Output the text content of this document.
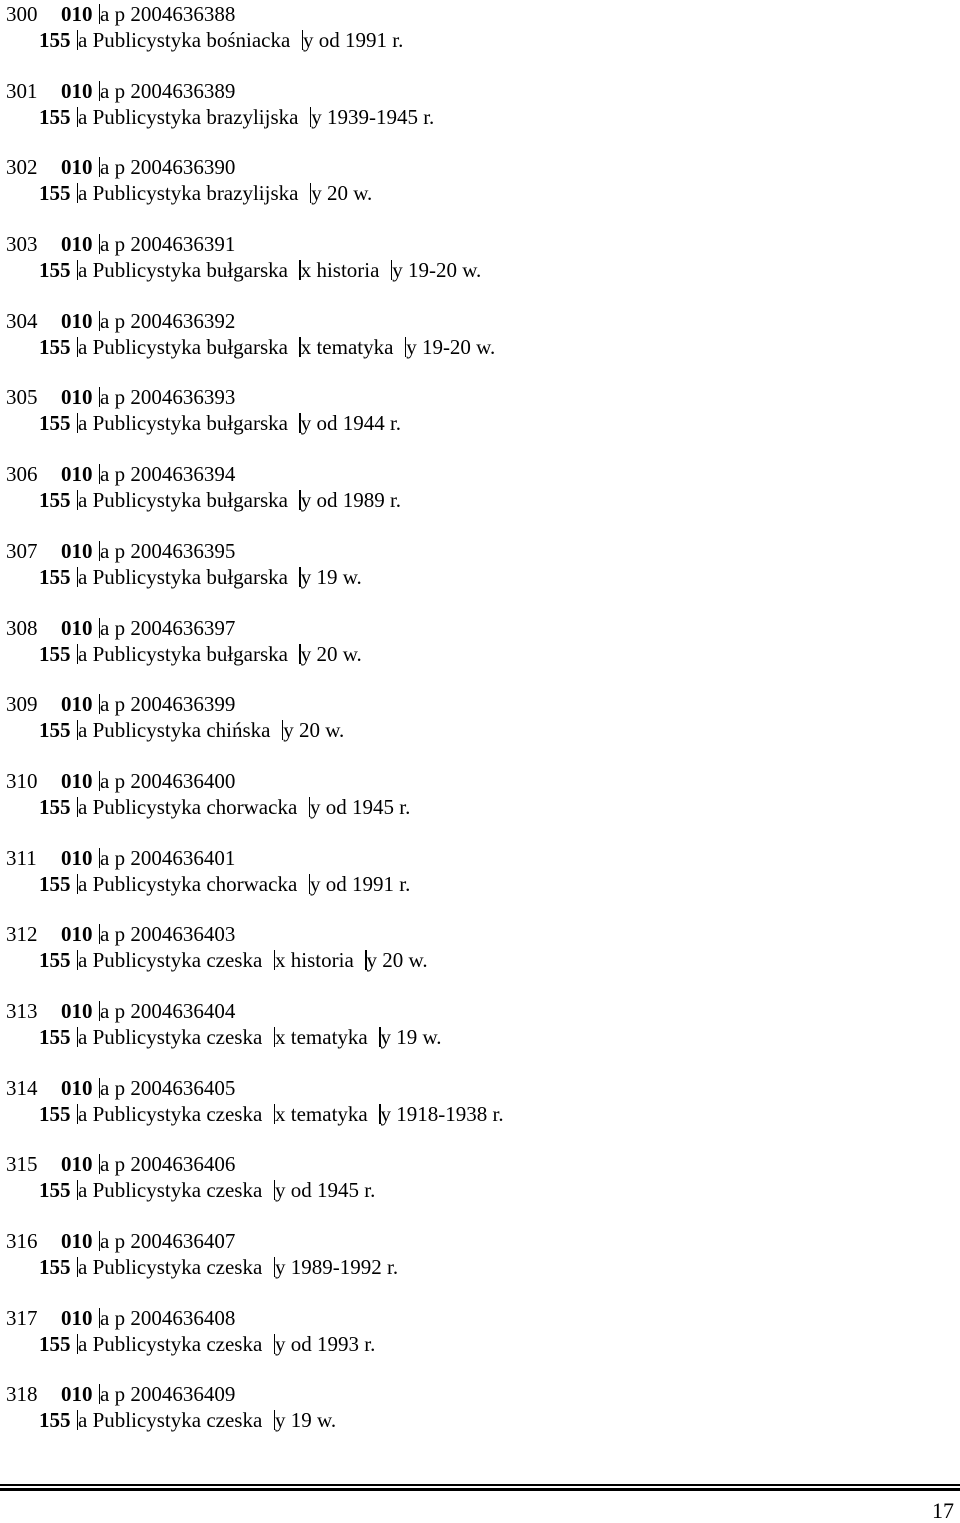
300 010 a p 2004636388
155 a Publicystyka bośniacka y od 1991 r.
301 010 a p 2004636389
155 a Publicystyka brazylijska y 1939-1945 r.
302 010 a p 2004636390
155 a Publicystyka brazylijska y 20 w.
303 010 a p 2004636391
155 a Publicystyka bułgarska x historia y 19-20 w.
304 010 a p 2004636392
155 a Publicystyka bułgarska x tematyka y 19-20 w.
305 010 a p 2004636393
155 a Publicystyka bułgarska y od 1944 r.
306 010 a p 2004636394
155 a Publicystyka bułgarska y od 1989 r.
307 010 a p 2004636395
155 a Publicystyka bułgarska y 19 w.
308 010 a p 2004636397
155 a Publicystyka bułgarska y 20 w.
309 010 a p 2004636399
155 a Publicystyka chińska y 20 w.
310 010 a p 2004636400
155 a Publicystyka chorwacka y od 1945 r.
311 010 a p 2004636401
155 a Publicystyka chorwacka y od 1991 r.
312 010 a p 2004636403
155 a Publicystyka czeska x historia y 20 w.
313 010 a p 2004636404
155 a Publicystyka czeska x tematyka y 19 w.
314 010 a p 2004636405
155 a Publicystyka czeska x tematyka y 1918-1938 r.
315 010 a p 2004636406
155 a Publicystyka czeska y od 1945 r.
316 010 a p 2004636407
155 a Publicystyka czeska y 1989-1992 r.
317 010 a p 2004636408
155 a Publicystyka czeska y od 1993 r.
318 010 a p 2004636409
155 a Publicystyka czeska y 19 w.
17
